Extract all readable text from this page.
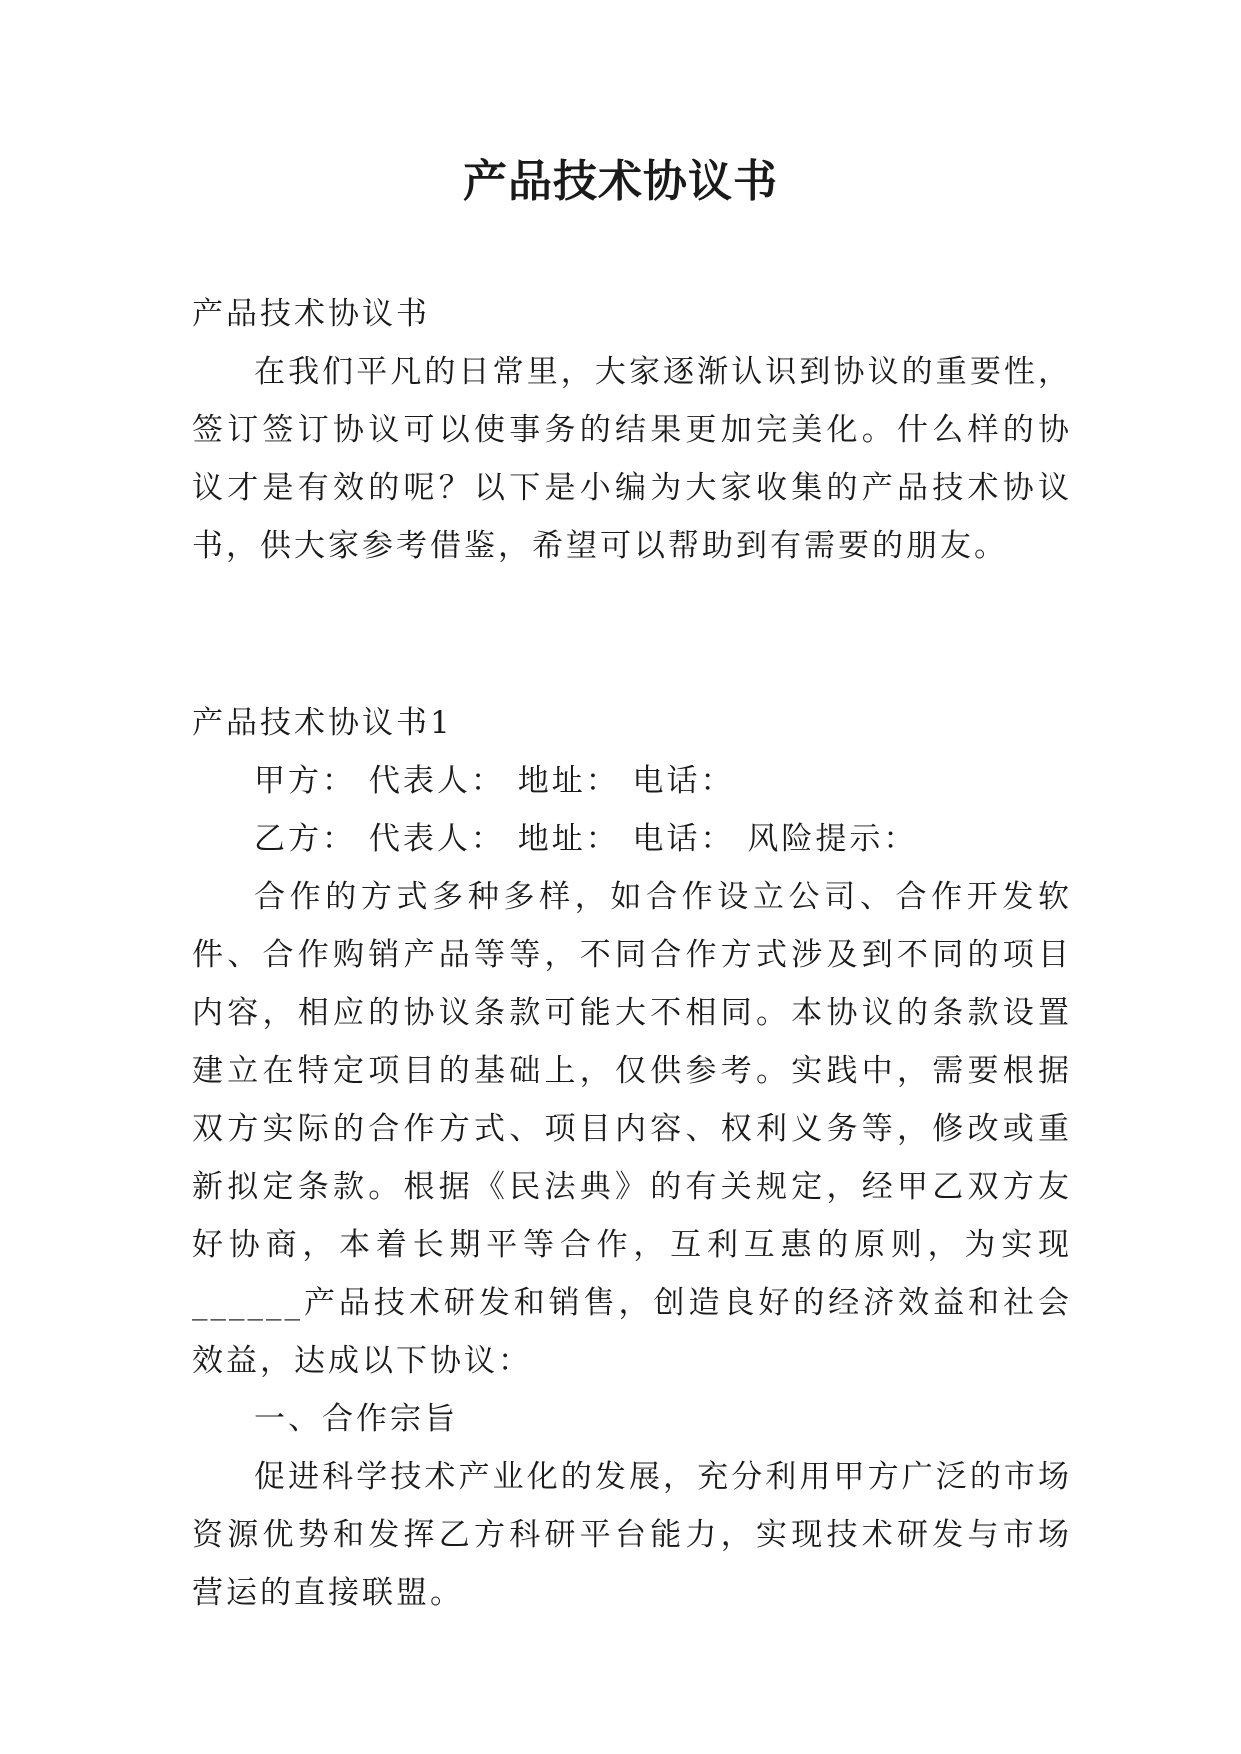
产品技术协议书

产品技术协议书

在我们平凡的日常里，大家逐渐认识到协议的重要性，签订签订协议可以使事务的结果更加完美化。什么样的协议才是有效的呢？以下是小编为大家收集的产品技术协议书，供大家参考借鉴，希望可以帮助到有需要的朋友。

产品技术协议书1

甲方： 代表人： 地址： 电话：

乙方： 代表人： 地址： 电话： 风险提示：

合作的方式多种多样，如合作设立公司、合作开发软件、合作购销产品等等，不同合作方式涉及到不同的项目内容，相应的协议条款可能大不相同。本协议的条款设置建立在特定项目的基础上，仅供参考。实践中，需要根据双方实际的合作方式、项目内容、权利义务等，修改或重新拟定条款。根据《民法典》的有关规定，经甲乙双方友好协商，本着长期平等合作，互利互惠的原则，为实现______产品技术研发和销售，创造良好的经济效益和社会效益，达成以下协议：

一、合作宗旨

促进科学技术产业化的发展，充分利用甲方广泛的市场资源优势和发挥乙方科研平台能力，实现技术研发与市场营运的直接联盟。
